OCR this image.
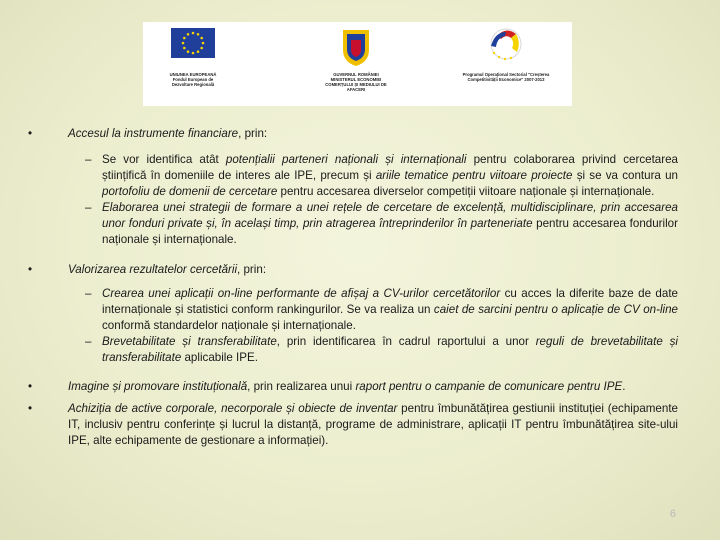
UNIUNEA EUROPEANĂ Fondul European de Dezvoltare Regională
GUVERNUL ROMÂNIEI MINISTERUL ECONOMIEI COMERȚULUI ȘI MEDIULUI DE AFACERI
Programul Operațional Sectorial "Creșterea Competitivității Economice" 2007-2013
•	Accesul la instrumente financiare, prin:
– Se vor identifica atât potențialii parteneri naționali și internaționali pentru colaborarea privind cercetarea științifică în domeniile de interes ale IPE, precum și ariile tematice pentru viitoare proiecte și se va contura un portofoliu de domenii de cercetare pentru accesarea diverselor competiții viitoare naționale și internaționale.
– Elaborarea unei strategii de formare a unei rețele de cercetare de excelență, multidisciplinare, prin accesarea unor fonduri private și, în același timp, prin atragerea întreprinderilor în parteneriate pentru accesarea fondurilor naționale și internaționale.
•	Valorizarea rezultatelor cercetării, prin:
– Crearea unei aplicații on-line performante de afișaj a CV-urilor cercetătorilor cu acces la diferite baze de date internaționale și statistici conform rankingurilor. Se va realiza un caiet de sarcini pentru o aplicație de CV on-line conformă standardelor naționale și internaționale.
– Brevetabilitate și transferabilitate, prin identificarea în cadrul raportului a unor reguli de brevetabilitate și transferabilitate aplicabile IPE.
•	Imagine și promovare instituțională, prin realizarea unui raport pentru o campanie de comunicare pentru IPE.
•	Achiziția de active corporale, necorporale și obiecte de inventar pentru îmbunătățirea gestiunii instituției (echipamente IT, inclusiv pentru conferințe și lucrul la distanță, programe de administrare, aplicații IT pentru îmbunătățirea site-ului IPE, alte echipamente de gestionare a informației).
6
